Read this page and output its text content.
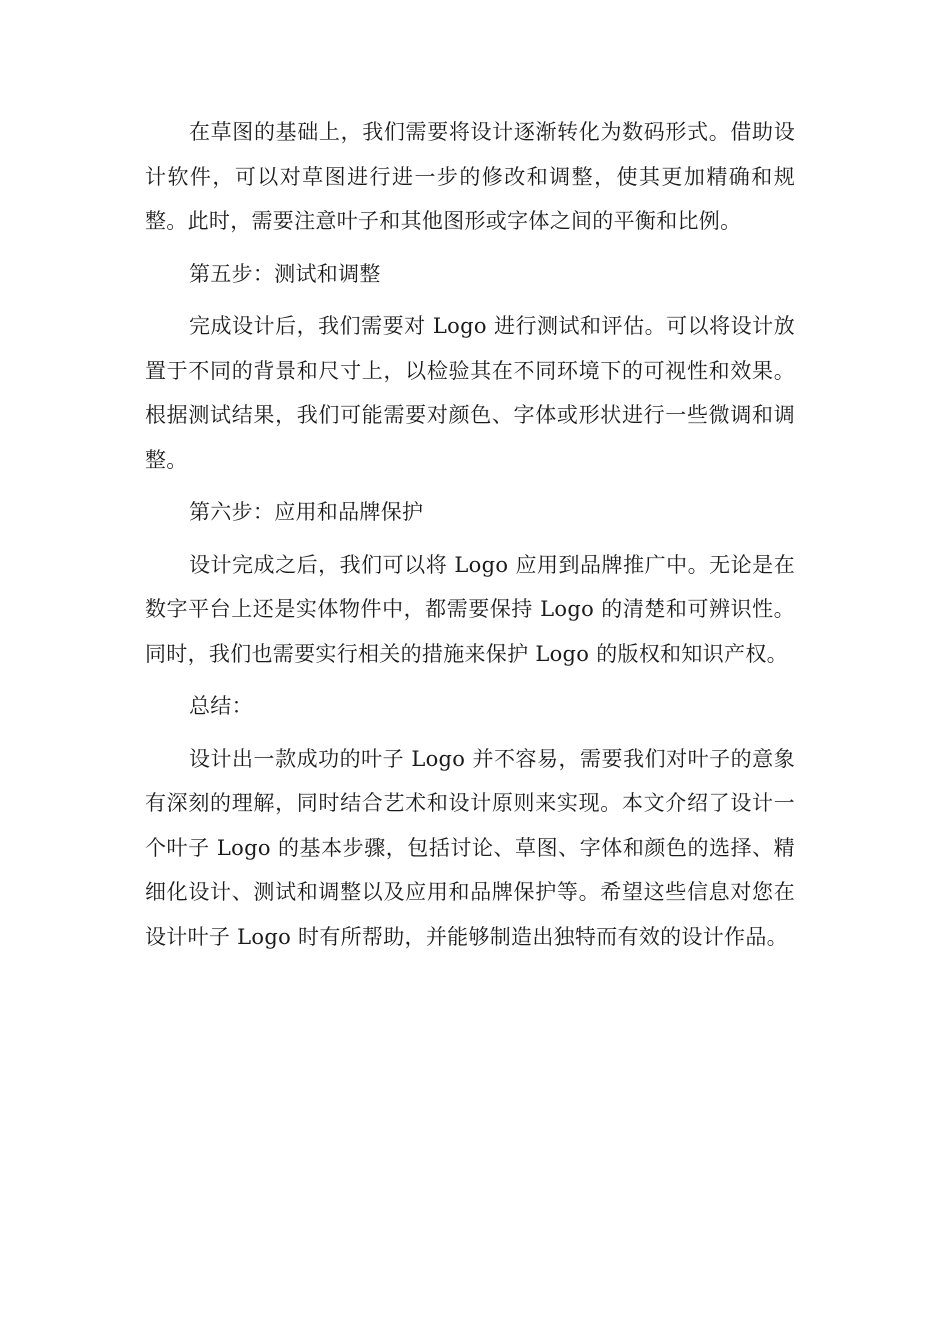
在草图的基础上，我们需要将设计逐渐转化为数码形式。借助设计软件，可以对草图进行进一步的修改和调整，使其更加精确和规整。此时，需要注意叶子和其他图形或字体之间的平衡和比例。

第五步：测试和调整

完成设计后，我们需要对 Logo 进行测试和评估。可以将设计放置于不同的背景和尺寸上，以检验其在不同环境下的可视性和效果。根据测试结果，我们可能需要对颜色、字体或形状进行一些微调和调整。

第六步：应用和品牌保护

设计完成之后，我们可以将 Logo 应用到品牌推广中。无论是在数字平台上还是实体物件中，都需要保持 Logo 的清楚和可辨识性。同时，我们也需要实行相关的措施来保护 Logo 的版权和知识产权。

总结：

设计出一款成功的叶子 Logo 并不容易，需要我们对叶子的意象有深刻的理解，同时结合艺术和设计原则来实现。本文介绍了设计一个叶子 Logo 的基本步骤，包括讨论、草图、字体和颜色的选择、精细化设计、测试和调整以及应用和品牌保护等。希望这些信息对您在设计叶子 Logo 时有所帮助，并能够制造出独特而有效的设计作品。
